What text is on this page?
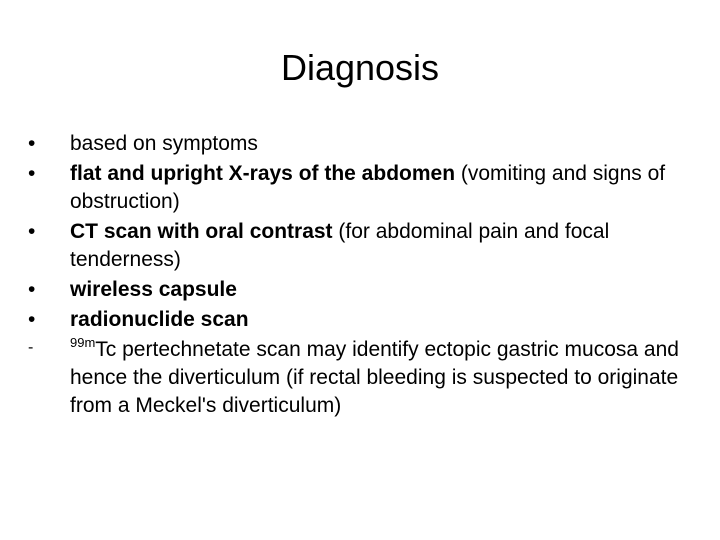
Diagnosis
•	based on symptoms
•	flat and upright X‑rays of the abdomen (vomiting and signs of obstruction)
•	CT scan with oral contrast (for abdominal pain and focal tenderness)
•	wireless capsule
•	radionuclide scan
-	$^{99m}$Tc pertechnetate scan may identify ectopic gastric mucosa and hence the diverticulum (if rectal bleeding is suspected to originate from a Meckel's diverticulum)
